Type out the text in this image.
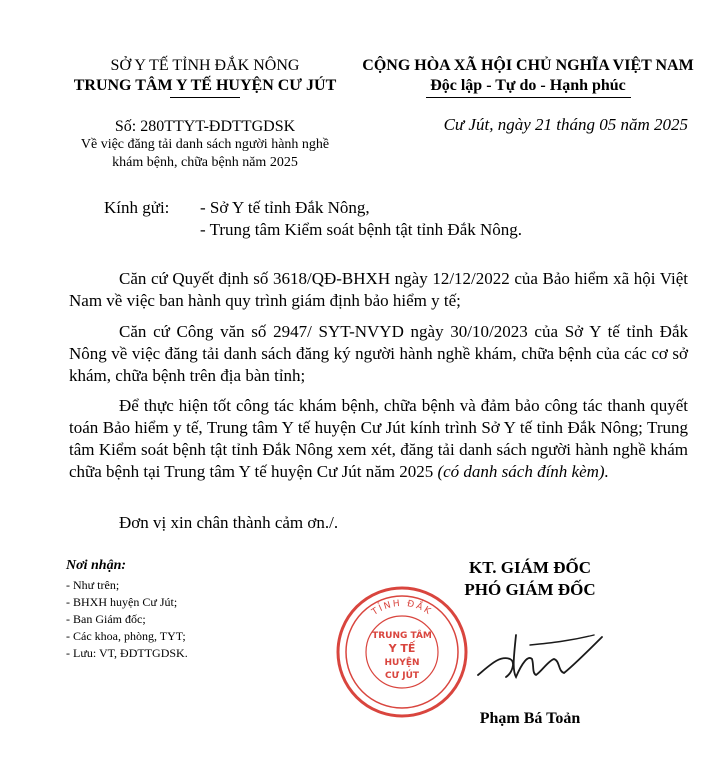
SỞ Y TẾ TỈNH ĐẮK NÔNG
TRUNG TÂM Y TẾ HUYỆN CƯ JÚT
CỘNG HÒA XÃ HỘI CHỦ NGHĨA VIỆT NAM
Độc lập - Tự do - Hạnh phúc
Số: 280TTYT-ĐDTTGDSK	Cư Jút, ngày 21 tháng 05 năm 2025
Về việc đăng tải danh sách người hành nghề
khám bệnh, chữa bệnh năm 2025
Kính gửi: - Sở Y tế tỉnh Đắk Nông,
- Trung tâm Kiểm soát bệnh tật tỉnh Đắk Nông.
Căn cứ Quyết định số 3618/QĐ-BHXH ngày 12/12/2022 của Bảo hiểm xã hội Việt Nam về việc ban hành quy trình giám định bảo hiểm y tế;
Căn cứ Công văn số 2947/ SYT-NVYD ngày 30/10/2023 của Sở Y tế tỉnh Đắk Nông về việc đăng tải danh sách đăng ký người hành nghề khám, chữa bệnh của các cơ sở khám, chữa bệnh trên địa bàn tỉnh;
Để thực hiện tốt công tác khám bệnh, chữa bệnh và đảm bảo công tác thanh quyết toán Bảo hiểm y tế, Trung tâm Y tế huyện Cư Jút kính trình Sở Y tế tỉnh Đắk Nông; Trung tâm Kiểm soát bệnh tật tỉnh Đắk Nông xem xét, đăng tải danh sách người hành nghề khám chữa bệnh tại Trung tâm Y tế huyện Cư Jút năm 2025 (có danh sách đính kèm).
Đơn vị xin chân thành cảm ơn./.
Nơi nhận:
- Như trên;
- BHXH huyện Cư Jút;
- Ban Giám đốc;
- Các khoa, phòng, TYT;
- Lưu: VT, ĐDTTGDSK.
KT. GIÁM ĐỐC
PHÓ GIÁM ĐỐC
TỈNH ĐẮK
TRUNG TÂM
Y TẾ
HUYỆN
CƯ JÚT
Phạm Bá Toản
